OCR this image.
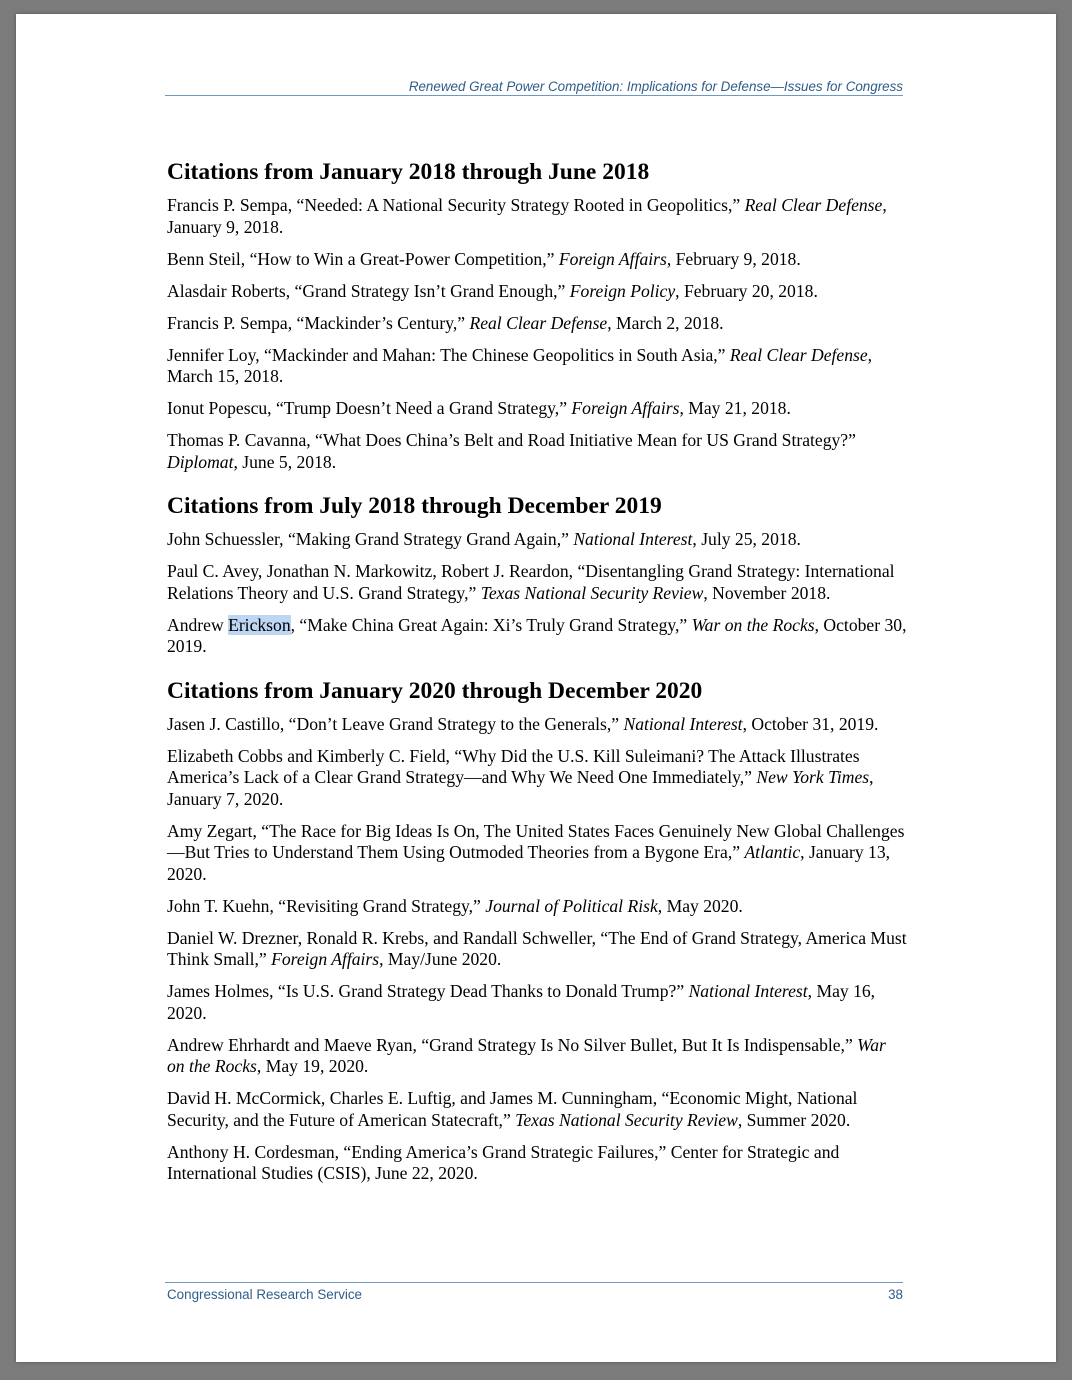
Renewed Great Power Competition: Implications for Defense—Issues for Congress
Citations from January 2018 through June 2018

Francis P. Sempa, “Needed: A National Security Strategy Rooted in Geopolitics,” Real Clear Defense, January 9, 2018.

Benn Steil, “How to Win a Great-Power Competition,” Foreign Affairs, February 9, 2018.

Alasdair Roberts, “Grand Strategy Isn’t Grand Enough,” Foreign Policy, February 20, 2018.

Francis P. Sempa, “Mackinder’s Century,” Real Clear Defense, March 2, 2018.

Jennifer Loy, “Mackinder and Mahan: The Chinese Geopolitics in South Asia,” Real Clear Defense, March 15, 2018.

Ionut Popescu, “Trump Doesn’t Need a Grand Strategy,” Foreign Affairs, May 21, 2018.

Thomas P. Cavanna, “What Does China’s Belt and Road Initiative Mean for US Grand Strategy?” Diplomat, June 5, 2018.

Citations from July 2018 through December 2019

John Schuessler, “Making Grand Strategy Grand Again,” National Interest, July 25, 2018.

Paul C. Avey, Jonathan N. Markowitz, Robert J. Reardon, “Disentangling Grand Strategy: International Relations Theory and U.S. Grand Strategy,” Texas National Security Review, November 2018.

Andrew Erickson, “Make China Great Again: Xi’s Truly Grand Strategy,” War on the Rocks, October 30, 2019.

Citations from January 2020 through December 2020

Jasen J. Castillo, “Don’t Leave Grand Strategy to the Generals,” National Interest, October 31, 2019.

Elizabeth Cobbs and Kimberly C. Field, “Why Did the U.S. Kill Suleimani? The Attack Illustrates America’s Lack of a Clear Grand Strategy—and Why We Need One Immediately,” New York Times, January 7, 2020.

Amy Zegart, “The Race for Big Ideas Is On, The United States Faces Genuinely New Global Challenges—But Tries to Understand Them Using Outmoded Theories from a Bygone Era,” Atlantic, January 13, 2020.

John T. Kuehn, “Revisiting Grand Strategy,” Journal of Political Risk, May 2020.

Daniel W. Drezner, Ronald R. Krebs, and Randall Schweller, “The End of Grand Strategy, America Must Think Small,” Foreign Affairs, May/June 2020.

James Holmes, “Is U.S. Grand Strategy Dead Thanks to Donald Trump?” National Interest, May 16, 2020.

Andrew Ehrhardt and Maeve Ryan, “Grand Strategy Is No Silver Bullet, But It Is Indispensable,” War on the Rocks, May 19, 2020.

David H. McCormick, Charles E. Luftig, and James M. Cunningham, “Economic Might, National Security, and the Future of American Statecraft,” Texas National Security Review, Summer 2020.

Anthony H. Cordesman, “Ending America’s Grand Strategic Failures,” Center for Strategic and International Studies (CSIS), June 22, 2020.

Congressional Research Service	38
